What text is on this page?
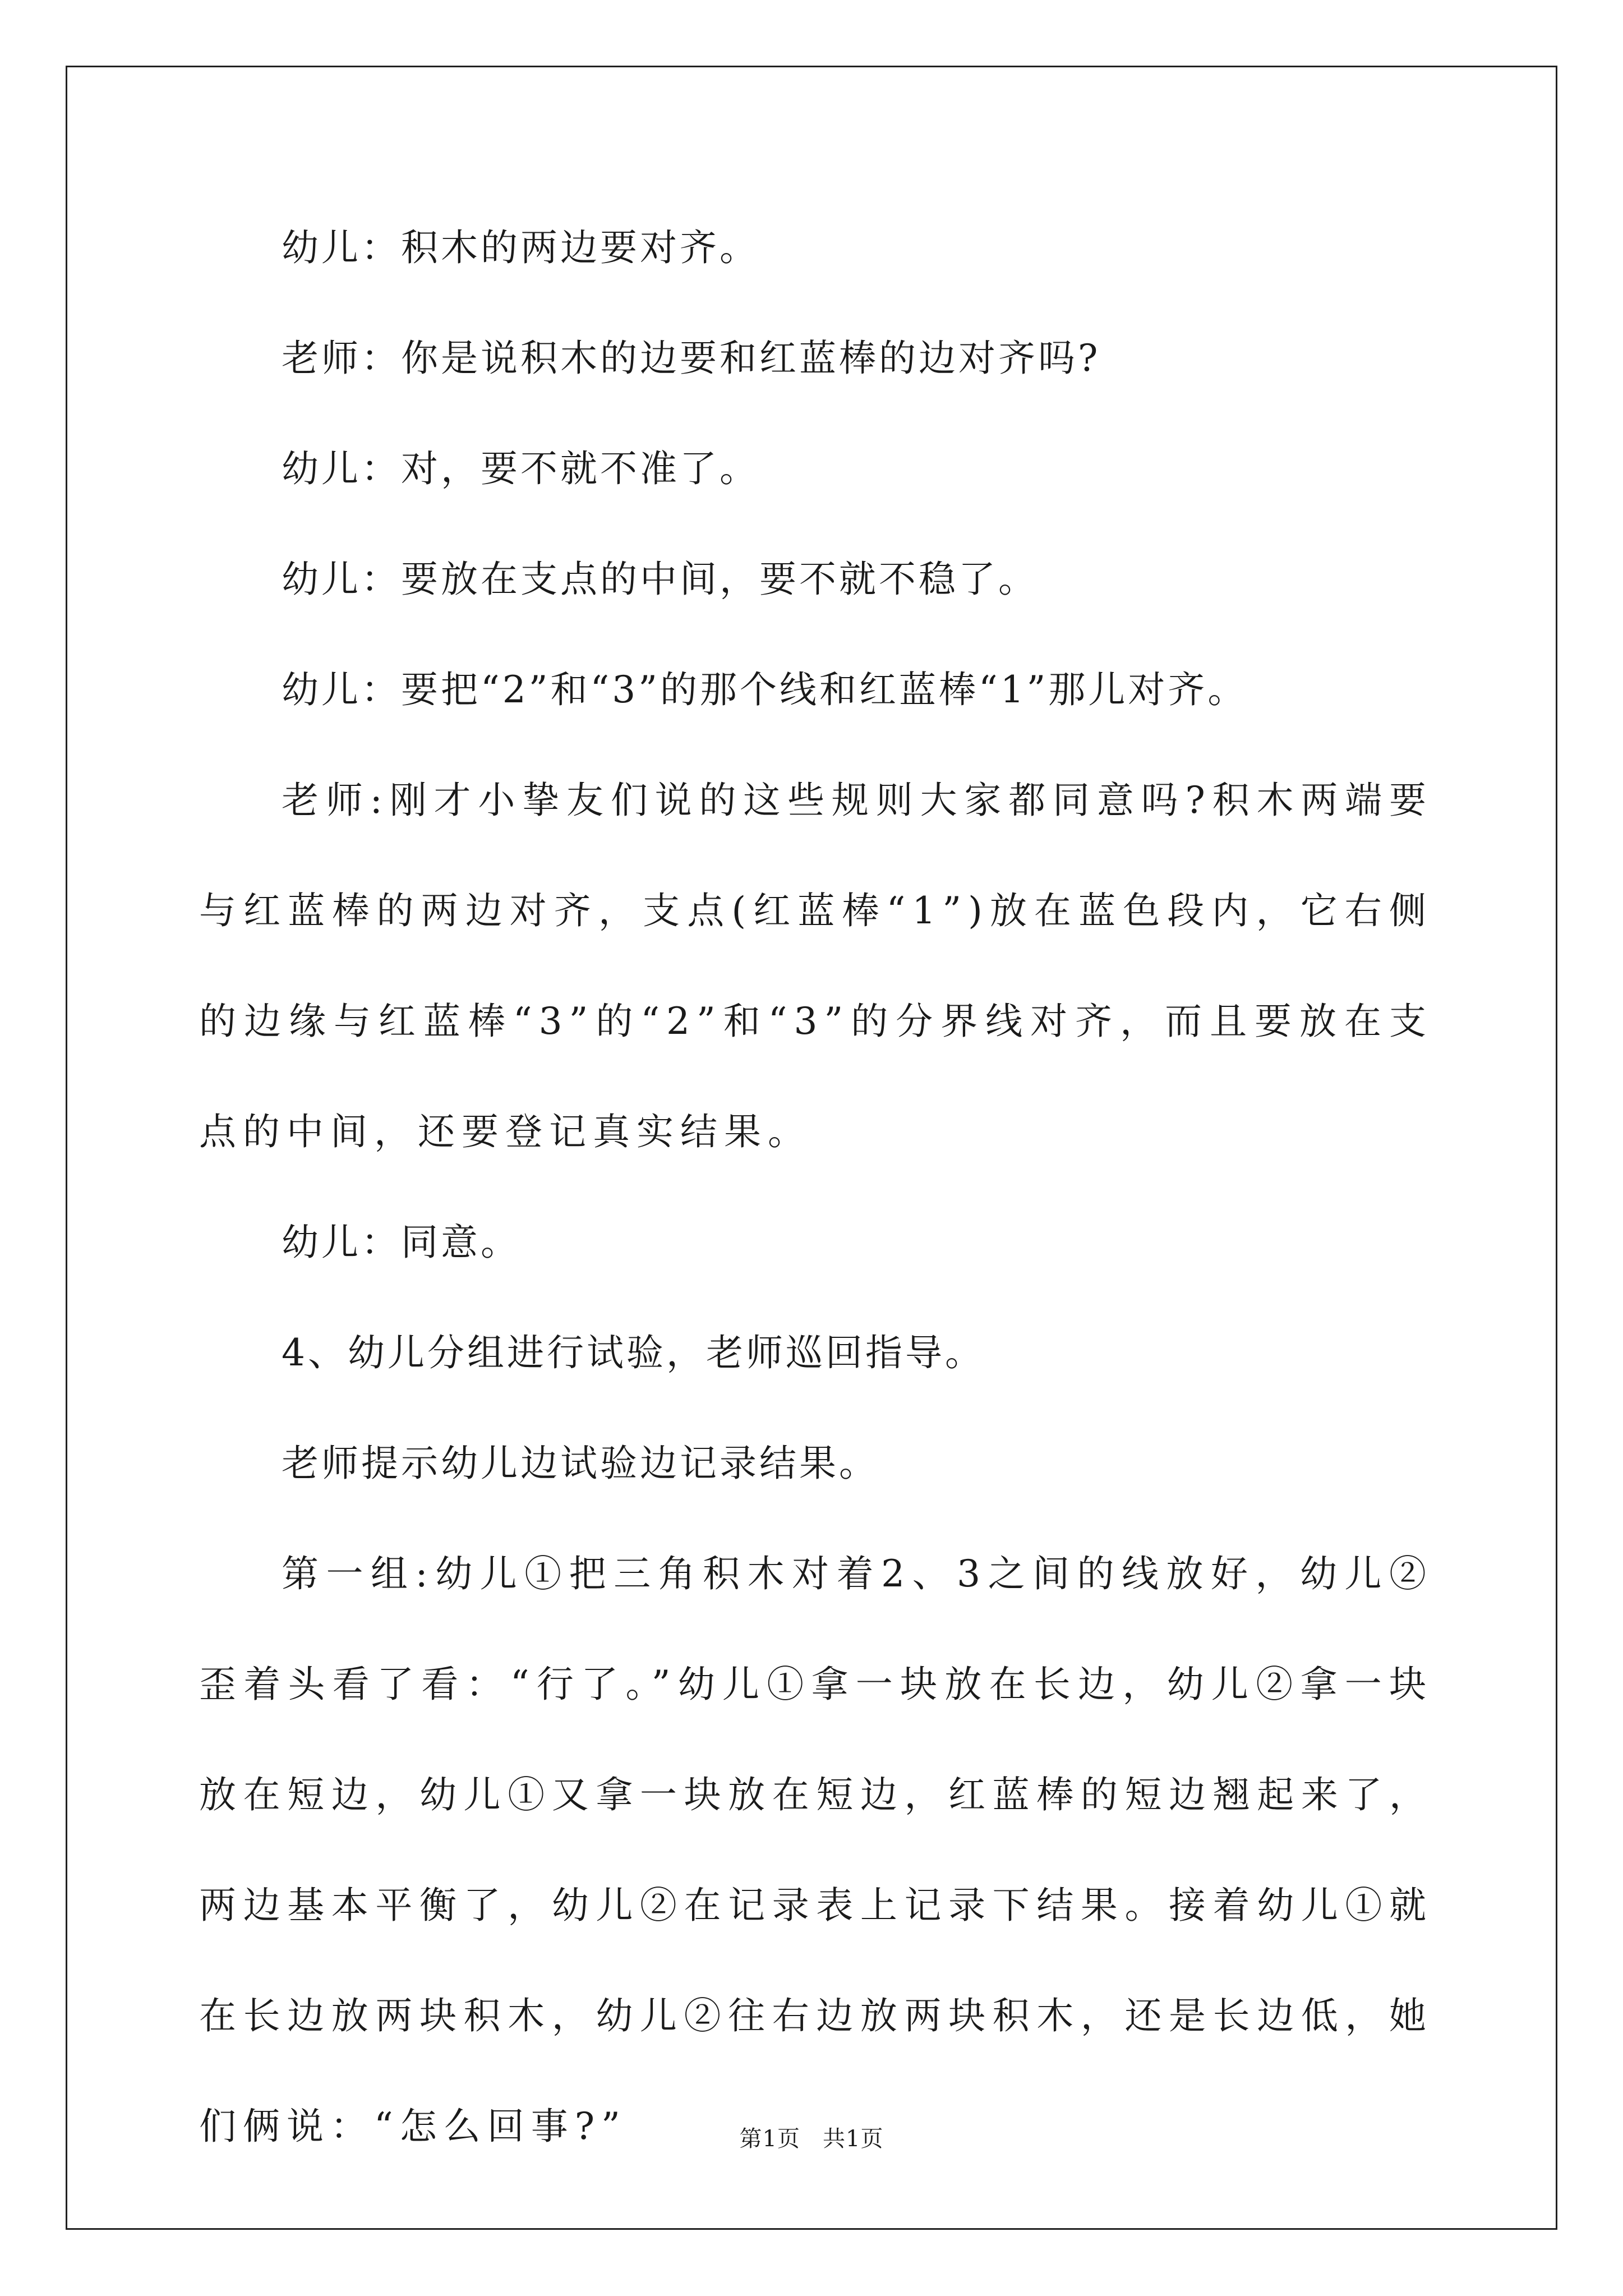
幼儿：积木的两边要对齐。

老师：你是说积木的边要和红蓝棒的边对齐吗?

幼儿：对，要不就不准了。

幼儿：要放在支点的中间，要不就不稳了。

幼儿：要把“2”和“3”的那个线和红蓝棒“1”那儿对齐。

老师:刚才小挚友们说的这些规则大家都同意吗?积木两端要与红蓝棒的两边对齐，支点(红蓝棒“1”)放在蓝色段内，它右侧的边缘与红蓝棒“3”的“2”和“3”的分界线对齐，而且要放在支点的中间，还要登记真实结果。

幼儿：同意。

4、幼儿分组进行试验，老师巡回指导。

老师提示幼儿边试验边记录结果。

第一组:幼儿①把三角积木对着2、3之间的线放好，幼儿②歪着头看了看：“行了。”幼儿①拿一块放在长边，幼儿②拿一块放在短边，幼儿①又拿一块放在短边，红蓝棒的短边翘起来了，两边基本平衡了，幼儿②在记录表上记录下结果。接着幼儿①就在长边放两块积木，幼儿②往右边放两块积木，还是长边低，她们俩说：“怎么回事?”	第1页 共1页
